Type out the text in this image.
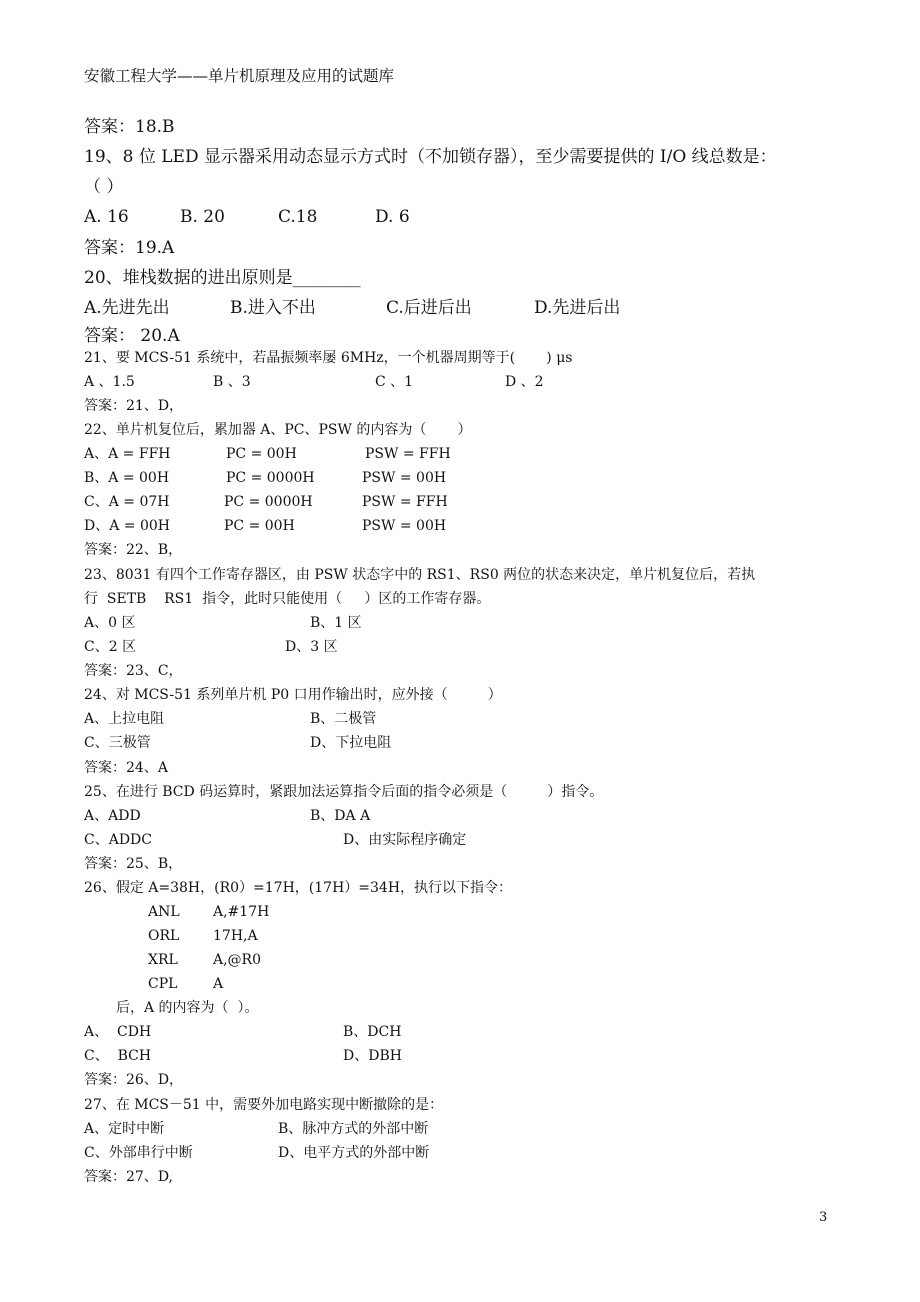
安徽工程大学——单片机原理及应用的试题库
答案：18.B
19、8 位 LED 显示器采用动态显示方式时（不加锁存器），至少需要提供的 I/O 线总数是：
（ ）
A. 16	B. 20	C.18	D. 6
答案：19.A
20、堆栈数据的进出原则是________
A.先进先出	B.进入不出	C.后进后出	D.先进后出
答案： 20.A
21、要 MCS-51 系统中，若晶振频率屡 6MHz，一个机器周期等于(       ) μs
A 、1.5	B 、3	C 、1	D 、2
答案：21、D，
22、单片机复位后，累加器 A、PC、PSW 的内容为（       ）
A、A = FFH	PC = 00H	PSW = FFH
B、A = 00H	PC = 0000H	PSW = 00H
C、A = 07H	PC = 0000H	PSW = FFH
D、A = 00H	PC = 00H	PSW = 00H
答案：22、B，
23、8031 有四个工作寄存器区，由 PSW 状态字中的 RS1、RS0 两位的状态来决定，单片机复位后，若执
行  SETB    RS1  指令，此时只能使用（     ）区的工作寄存器。
A、0 区	B、1 区
C、2 区	D、3 区
答案：23、C，
24、对 MCS-51 系列单片机 P0 口用作输出时，应外接（         ）
A、上拉电阻	B、二极管
C、三极管	D、下拉电阻
答案：24、A
25、在进行 BCD 码运算时，紧跟加法运算指令后面的指令必须是（         ）指令。
A、ADD	B、DA A
C、ADDC	D、由实际程序确定
答案：25、B，
26、假定 A=38H，(R0）=17H，(17H）=34H，执行以下指令：
ANL A,#17H
ORL 17H,A
XRL	A,@R0
CPL	A
后，A 的内容为（  ）。
A、  CDH	B、DCH
C、  BCH	D、DBH
答案：26、D，
27、在 MCS－51 中，需要外加电路实现中断撤除的是：
A、定时中断	B、脉冲方式的外部中断
C、外部串行中断	D、电平方式的外部中断
答案：27、D,
3
